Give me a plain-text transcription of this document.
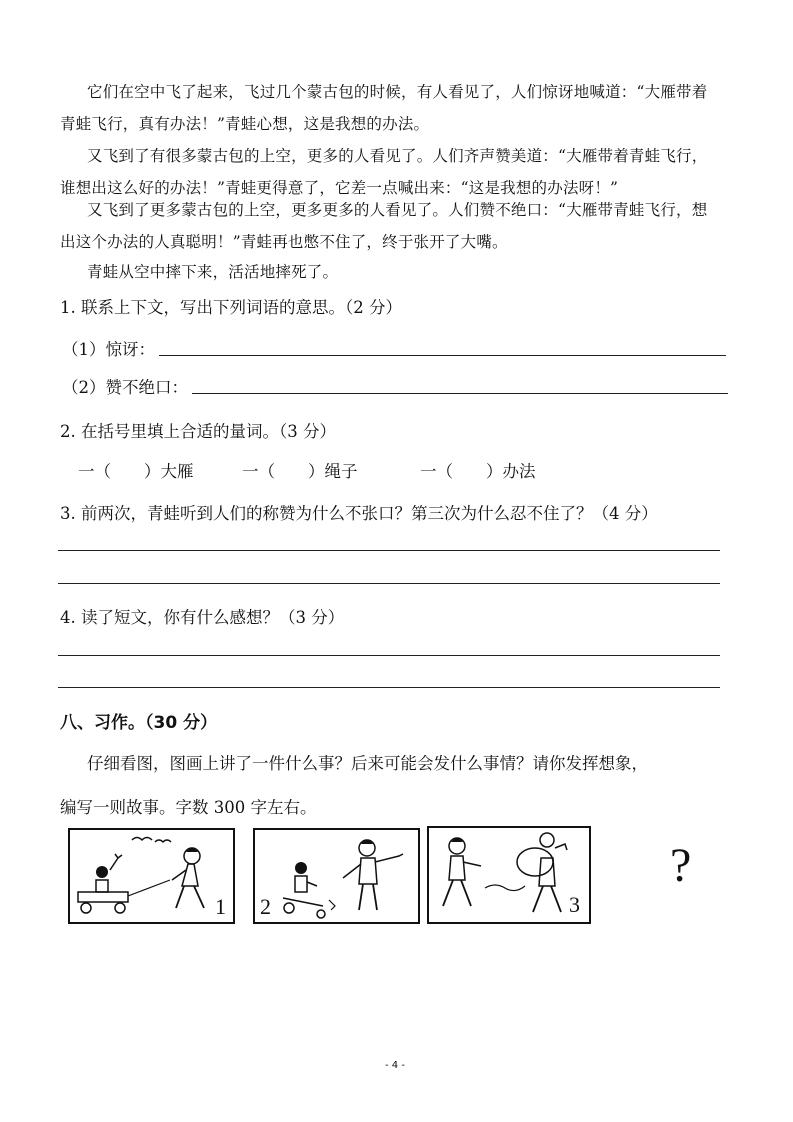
它们在空中飞了起来，飞过几个蒙古包的时候，有人看见了，人们惊讶地喊道：“大雁带着
青蛙飞行，真有办法！”青蛙心想，这是我想的办法。
又飞到了有很多蒙古包的上空，更多的人看见了。人们齐声赞美道：“大雁带着青蛙飞行，
谁想出这么好的办法！”青蛙更得意了，它差一点喊出来：“这是我想的办法呀！”
又飞到了更多蒙古包的上空，更多更多的人看见了。人们赞不绝口：“大雁带青蛙飞行，想
出这个办法的人真聪明！”青蛙再也憋不住了，终于张开了大嘴。
青蛙从空中摔下来，活活地摔死了。
1. 联系上下文，写出下列词语的意思。（2 分）
（1）惊讶：
（2）赞不绝口：
2. 在括号里填上合适的量词。（3 分）
一（　　）大雁	一（　　）绳子	一（　　）办法
3. 前两次，青蛙听到人们的称赞为什么不张口？第三次为什么忍不住了？（4 分）
4. 读了短文，你有什么感想？（3 分）
八、习作。（30 分）
仔细看图，图画上讲了一件什么事？后来可能会发什么事情？请你发挥想象，
编写一则故事。字数 300 字左右。
1 2	3
?
- 4 -
